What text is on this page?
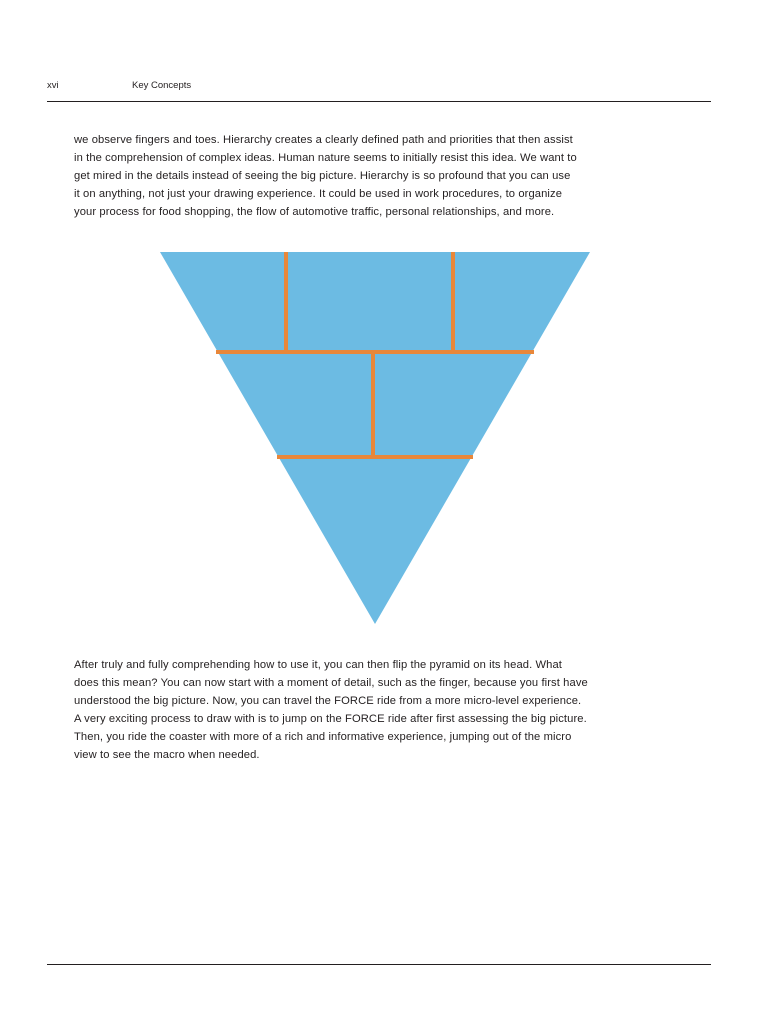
xvi	Key Concepts

we observe fingers and toes. Hierarchy creates a clearly defined path and priorities that then assist
in the comprehension of complex ideas. Human nature seems to initially resist this idea. We want to
get mired in the details instead of seeing the big picture. Hierarchy is so profound that you can use
it on anything, not just your drawing experience. It could be used in work procedures, to organize
your process for food shopping, the flow of automotive traffic, personal relationships, and more.

After truly and fully comprehending how to use it, you can then flip the pyramid on its head. What
does this mean? You can now start with a moment of detail, such as the finger, because you first have
understood the big picture. Now, you can travel the FORCE ride from a more micro-level experience.
A very exciting process to draw with is to jump on the FORCE ride after first assessing the big picture.
Then, you ride the coaster with more of a rich and informative experience, jumping out of the micro
view to see the macro when needed.
